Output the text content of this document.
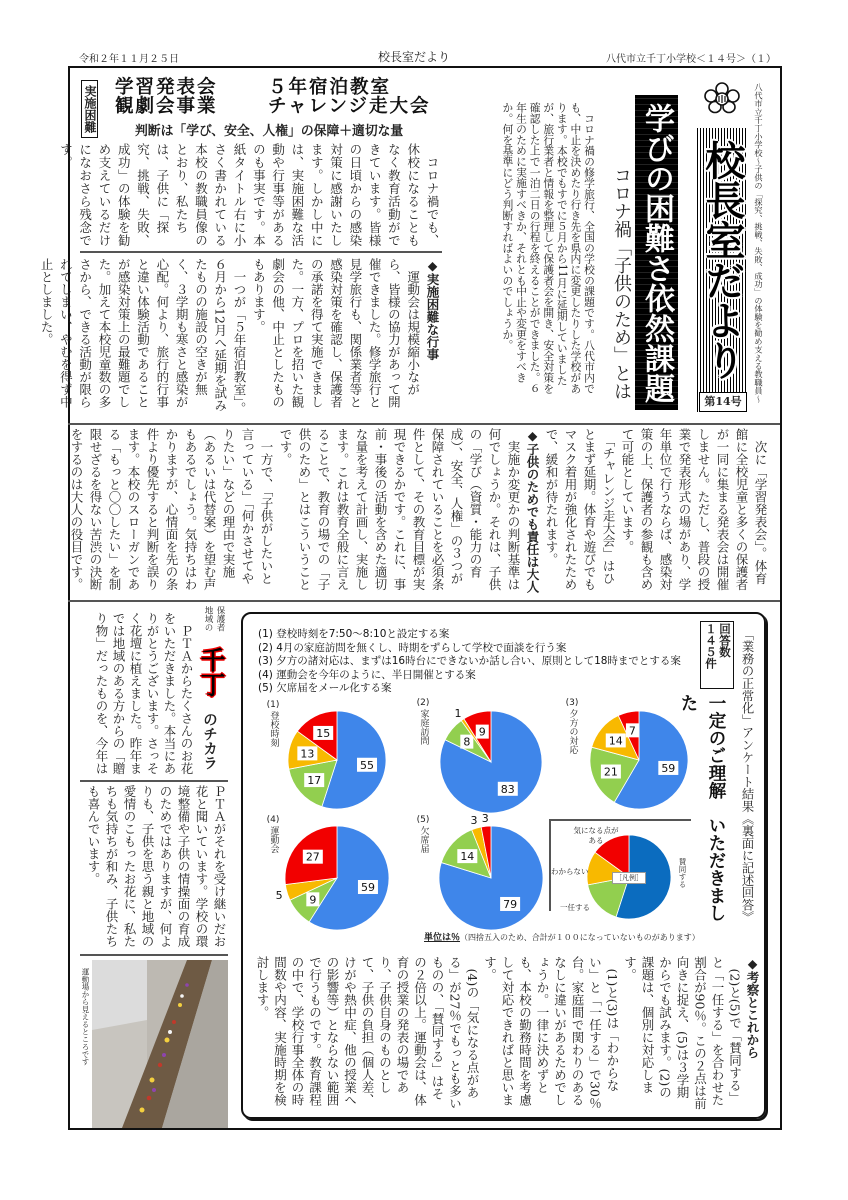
令和２年１１月２５日	校長室だより	八代市立千丁小学校＜１４号＞（１）
実施困難 学習発表会
観劇会事業
５年宿泊教室
チャレンジ走大会
判断は「学び、安全、人権」の保障＋適切な量

　コロナ禍でも、休校になることもなく教育活動ができています。皆様の日頃からの感染対策に感謝いたします。しかし中には、実施困難な活動や行事等があるのも事実です。本紙タイトル右に小さく書かれている本校の教職員像のとおり、私たちは、子供に「探究、挑戦、失敗、成功」の体験を勧め支えているだけになおさら残念です。

◆実施困難な行事

　運動会は規模縮小ながら、皆様の協力があって開催できました。修学旅行と見学旅行も、関係業者等と感染対策を確認し、保護者の承諾を得て実施できました。一方、プロを招いた観劇会の他、中止としたものもあります。

　一つが「５年宿泊教室」。６月から12月へ延期を試みたものの施設の空きが無く、３学期も寒さと感染が心配。何より、旅行的行事と違い体験活動であることが感染対策上の最難題でした。加えて本校児童数の多さから、できる活動が限られてしまい、やむを得ず中止としました。	　コロナ禍の修学旅行、全国の学校の課題です。八代市内でも、中止を決めたり行き先を県内に変更したりした学校があります。本校でもすでに５月から11月に延期していましたが、旅行業者と情報を整理して保護者会を開き、安全対策を確認した上で一泊二日の行程を終えることができました。６年生のために実施すべきか、それとも中止や変更をすべきか。何を基準にどう判断すればよいのでしょうか。	コロナ禍「子供のため」とは 学びの困難さ依然課題 校長室だより
第14号	八代市立千丁小学校～子供の「探究、挑戦、失敗、成功」の体験を勧め支える教職員～

　次に「学習発表会」。体育館に全校児童と多くの保護者が一同に集まる発表会は開催しません。ただし、普段の授業で発表形式の場があり、学年単位で行うならば、感染対策の上、保護者の参観も含めて可能としています。

　「チャレンジ走大会」はひとまず延期。体育や遊びでもマスク着用が強化されたためで、緩和が待たれます。

◆子供のためでも責任は大人

　実施か変更かの判断基準は何でしょうか。それは、子供の「学び（資質・能力の育成）、安全、人権」の３つが保障されていることを必須条件として、その教育目標が実現できるかです。これに、事前・事後の活動を含めた適切な量を考えて計画し、実施します。これは教育全般に言えることで、教育の場での「子供のため」とはこういうことです。

　一方で、「子供がしたいと言っている」「何かさせてやりたい」などの理由で実施（あるいは代替案）を望む声もあるでしょう。気持ちはわかりますが、心情面を先の条件より優先すると判断を誤ります。本校のスローガンである「もっと〇〇したい」を制限せざるを得ない苦渋の決断をするのは大人の役目です。

保護者

地域の

千丁
のチカラ
　ＰＴＡからたくさんのお花をいただきました。本当にありがとうございます。さっそく花壇に植えました。昨年までは地域のある方からの「贈り物」だったものを、今年は
ＰＴＡがそれを受け継いだお花と聞いています。学校の環境整備や子供の情操面の育成のためではありますが、何よりも、子供を思う親と地域の愛情のこもったお花に、私たちも気持ちが和み、子供たちも喜んでいます。
運動場から見えるところです
(1) 登校時刻を7:50～8:10と設定する案
(2) 4月の家庭訪問を無くし、時期をずらして学校で面談を行う案
(3) 夕方の諸対応は、まずは16時台にできないか話し合い、原則として18時までとする案
(4) 運動会を今年のように、半日開催とする案
(5) 欠席届をメール化する案
回答数
１４５件	「業務の正常化」アンケート結果《裏面に記述回答》
一定のご理解　いただきました
55
17
13
15
83
8
1
9
59
21
14
7
59
9
5
27
79
14
3 3
(1)
登校時刻
(2)
家庭訪問
(3)
夕方の対応
(4)
運動会
(5)
欠席届	気になる点がある
わからない
一任する
賛同する
［凡例］
単位は％（四捨五入のため、合計が１００になっていないものがあります）

◆考察とこれから

　(2)と(5)で「賛同する」と「一任する」を合わせた割合が90％。この２点は前向きに捉え、(5)は３学期からでも試みます。(2)の課題は、個別に対応します。

　(1)と(3)は「わからない」と「一任する」で30％台。家庭間で関わりのあるなしに違いがあるためでしょうか。一律に決めずとも、本校の勤務時間を考慮して対応できればと思います。

　(4)の「気になる点がある」が27％でもっとも多いものの、「賛同する」はその２倍以上。運動会は、体育の授業の発表の場であり、子供自身のものとして、子供の負担（個人差、けがや熱中症、他の授業への影響等）とならない範囲で行うものです。教育課程の中で、学校行事全体の時間数や内容、実施時期を検討します。
